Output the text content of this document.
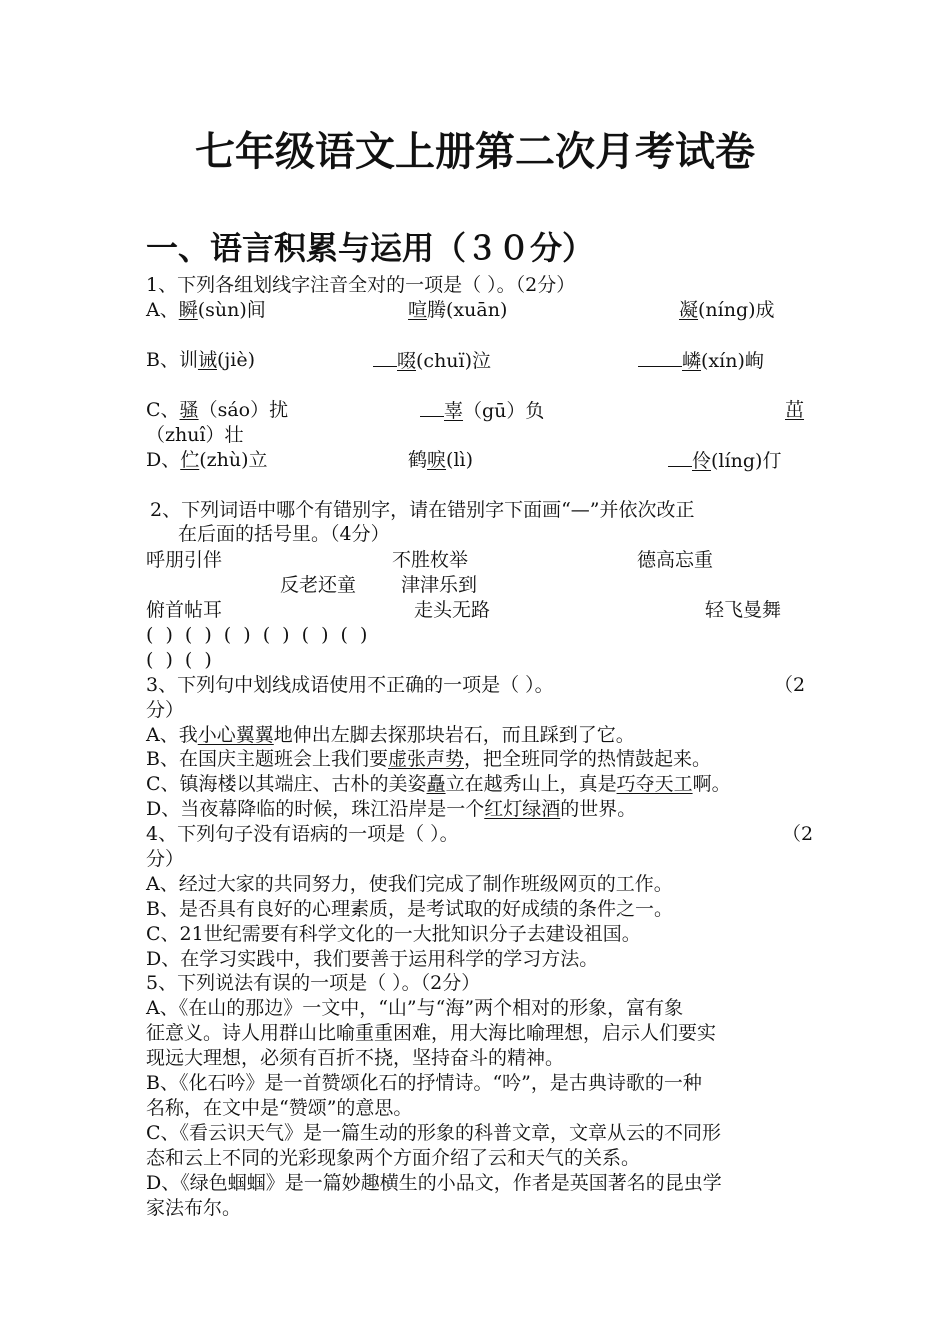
七年级语文上册第二次月考试卷
一、语言积累与运用（３０分）
1、下列各组划线字注音全对的一项是（ ）。（2分）
A、瞬(sùn)间	喧腾(xuān)	凝(níng)成
B、训诫(jiè)	啜(chuï)泣	嶙(xín)峋
C、骚（sáo）扰	辜（gū）负	茁
（zhuî）壮
D、伫(zhù)立	鹤唳(lì)	伶(líng)仃
2、下列词语中哪个有错别字，请在错别字下面画“—”并依次改正
在后面的括号里。（4分）
呼朋引伴	不胜枚举	德高忘重
反老还童 津津乐到
俯首帖耳	走头无路	轻飞曼舞
( ) ( ) ( ) ( ) ( ) ( )
( ) ( )
3、下列句中划线成语使用不正确的一项是（ ）。	（2
分）
A、我小心翼翼地伸出左脚去探那块岩石，而且踩到了它。
B、在国庆主题班会上我们要虚张声势，把全班同学的热情鼓起来。
C、镇海楼以其端庄、古朴的美姿矗立在越秀山上，真是巧夺天工啊。
D、当夜幕降临的时候，珠江沿岸是一个红灯绿酒的世界。
4、下列句子没有语病的一项是（ ）。	（2
分）
A、经过大家的共同努力，使我们完成了制作班级网页的工作。
B、是否具有良好的心理素质，是考试取的好成绩的条件之一。
C、21世纪需要有科学文化的一大批知识分子去建设祖国。
D、在学习实践中，我们要善于运用科学的学习方法。
5、下列说法有误的一项是（ ）。（2分）
A、《在山的那边》一文中，“山”与“海”两个相对的形象，富有象
征意义。诗人用群山比喻重重困难，用大海比喻理想，启示人们要实
现远大理想，必须有百折不挠，坚持奋斗的精神。
B、《化石吟》是一首赞颂化石的抒情诗。“吟”，是古典诗歌的一种
名称，在文中是“赞颂”的意思。
C、《看云识天气》是一篇生动的形象的科普文章，文章从云的不同形
态和云上不同的光彩现象两个方面介绍了云和天气的关系。
D、《绿色蝈蝈》是一篇妙趣横生的小品文，作者是英国著名的昆虫学
家法布尔。
